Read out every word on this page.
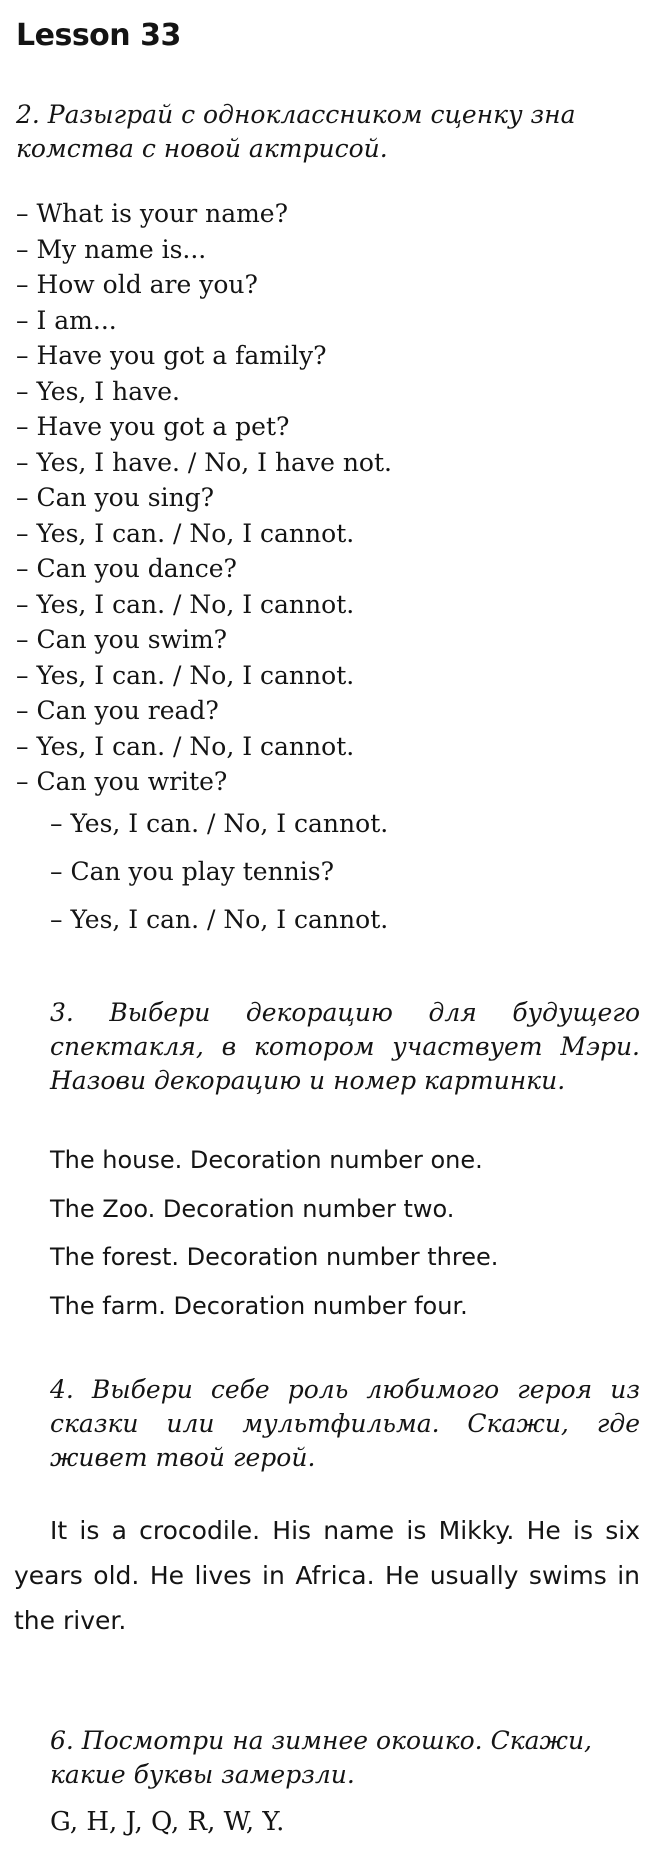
Lesson 33

2. Разыграй с одноклассником сценку зна комства с новой актрисой.

– What is your name?
– My name is...
– How old are you?
– I am...
– Have you got a family?
– Yes, I have.
– Have you got a pet?
– Yes, I have. / No, I have not.
– Can you sing?
– Yes, I can. / No, I cannot.
– Can you dance?
– Yes, I can. / No, I cannot.
– Can you swim?
– Yes, I can. / No, I cannot.
– Can you read?
– Yes, I can. / No, I cannot.
– Can you write?
– Yes, I can. / No, I cannot.
– Can you play tennis?
– Yes, I can. / No, I cannot.

3. Выбери декорацию для будущего спектакля, в котором участвует Мэри. Назови декорацию и номер картинки.

The house. Decoration number one.
The Zoo. Decoration number two.
The forest. Decoration number three.
The farm. Decoration number four.

4. Выбери себе роль любимого героя из сказки или мультфильма. Скажи, где живет твой герой.

It is a crocodile. His name is Mikky. He is six years old. He lives in Africa. He usually swims in the river.

6. Посмотри на зимнее окошко. Скажи, какие буквы замерзли.

G, H, J, Q, R, W, Y.
